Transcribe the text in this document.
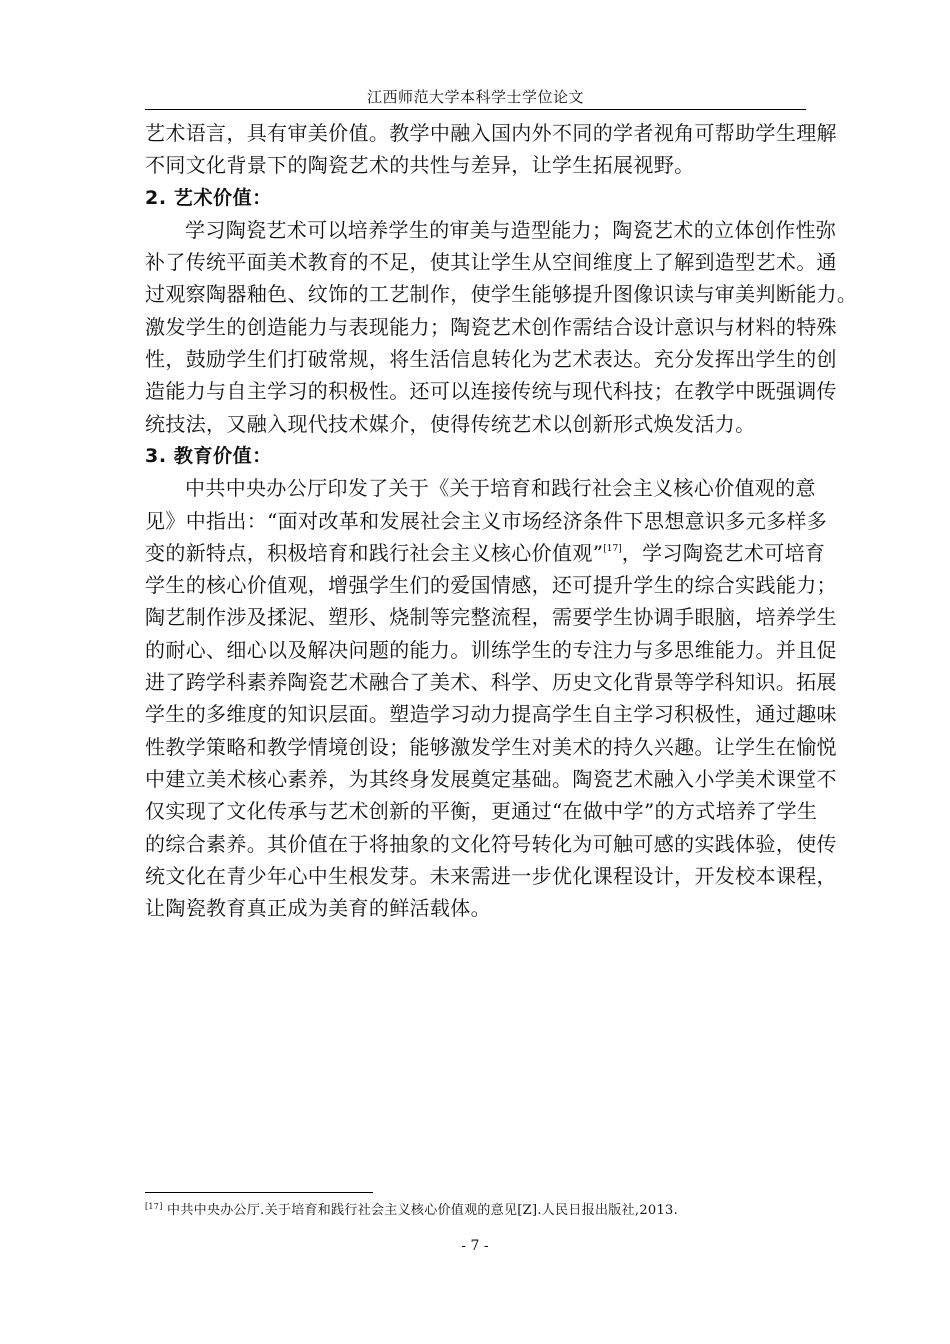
江西师范大学本科学士学位论文
艺术语言，具有审美价值。教学中融入国内外不同的学者视角可帮助学生理解
不同文化背景下的陶瓷艺术的共性与差异，让学生拓展视野。
2. 艺术价值：
学习陶瓷艺术可以培养学生的审美与造型能力；陶瓷艺术的立体创作性弥
补了传统平面美术教育的不足，使其让学生从空间维度上了解到造型艺术。通
过观察陶器釉色、纹饰的工艺制作，使学生能够提升图像识读与审美判断能力。
激发学生的创造能力与表现能力；陶瓷艺术创作需结合设计意识与材料的特殊
性，鼓励学生们打破常规，将生活信息转化为艺术表达。充分发挥出学生的创
造能力与自主学习的积极性。还可以连接传统与现代科技；在教学中既强调传
统技法，又融入现代技术媒介，使得传统艺术以创新形式焕发活力。
3. 教育价值：
中共中央办公厅印发了关于《关于培育和践行社会主义核心价值观的意
见》中指出：“面对改革和发展社会主义市场经济条件下思想意识多元多样多
变的新特点，积极培育和践行社会主义核心价值观”[17]，学习陶瓷艺术可培育
学生的核心价值观，增强学生们的爱国情感，还可提升学生的综合实践能力；
陶艺制作涉及揉泥、塑形、烧制等完整流程，需要学生协调手眼脑，培养学生
的耐心、细心以及解决问题的能力。训练学生的专注力与多思维能力。并且促
进了跨学科素养陶瓷艺术融合了美术、科学、历史文化背景等学科知识。拓展
学生的多维度的知识层面。塑造学习动力提高学生自主学习积极性，通过趣味
性教学策略和教学情境创设；能够激发学生对美术的持久兴趣。让学生在愉悦
中建立美术核心素养，为其终身发展奠定基础。陶瓷艺术融入小学美术课堂不
仅实现了文化传承与艺术创新的平衡，更通过“在做中学”的方式培养了学生
的综合素养。其价值在于将抽象的文化符号转化为可触可感的实践体验，使传
统文化在青少年心中生根发芽。未来需进一步优化课程设计，开发校本课程，
让陶瓷教育真正成为美育的鲜活载体。
[17] 中共中央办公厅.关于培育和践行社会主义核心价值观的意见[Z].人民日报出版社,2013.
- 7 -
